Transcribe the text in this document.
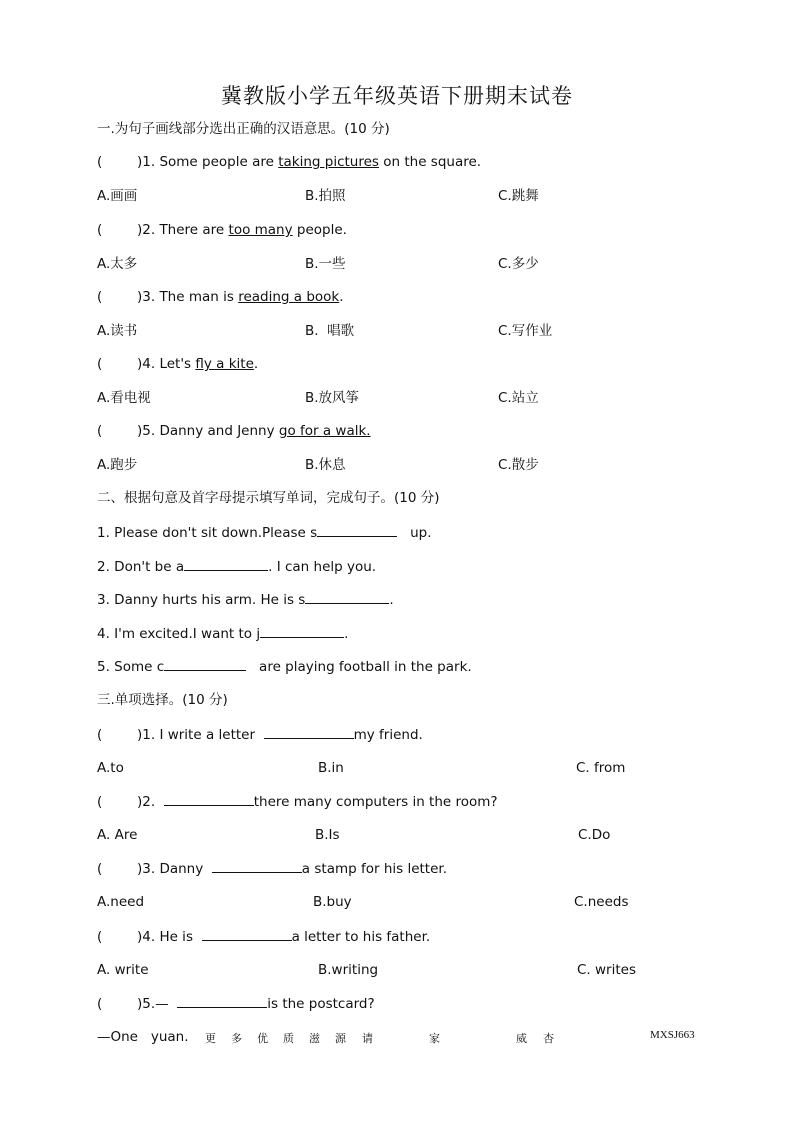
冀教版小学五年级英语下册期末试卷
一.为句子画线部分选出正确的汉语意思。(10 分)
(	)1. Some people are taking pictures on the square.
A.画画	B.拍照	C.跳舞
(	)2. There are too many people.
A.太多	B.一些	C.多少
(	)3. The man is reading a book.
A.读书	B.  唱歌	C.写作业
(	)4. Let's fly a kite.
A.看电视	B.放风筝	C.站立
(	)5. Danny and Jenny go for a walk.
A.跑步	B.休息	C.散步
二、根据句意及首字母提示填写单词，完成句子。(10 分)
1. Please don't sit down.Please s	up.
2. Don't be a	. I can help you.
3. Danny hurts his arm. He is s	.
4. I'm excited.I want to j	.
5. Some c	are playing football in the park.
三.单项选择。(10 分)
(	)1. I write a letter	my friend.
A.to	B.in	C. from
(	)2.	there many computers in the room?
A. Are	B.Is	C.Do
(	)3. Danny	a stamp for his letter.
A.need	B.buy	C.needs
(	)4. He is	a letter to his father.
A. write	B.writing	C. writes
(	)5.—	is the postcard?
—One   yuan. 更 多 优 质 滋 源 请	家	威 杏	MXSJ663
